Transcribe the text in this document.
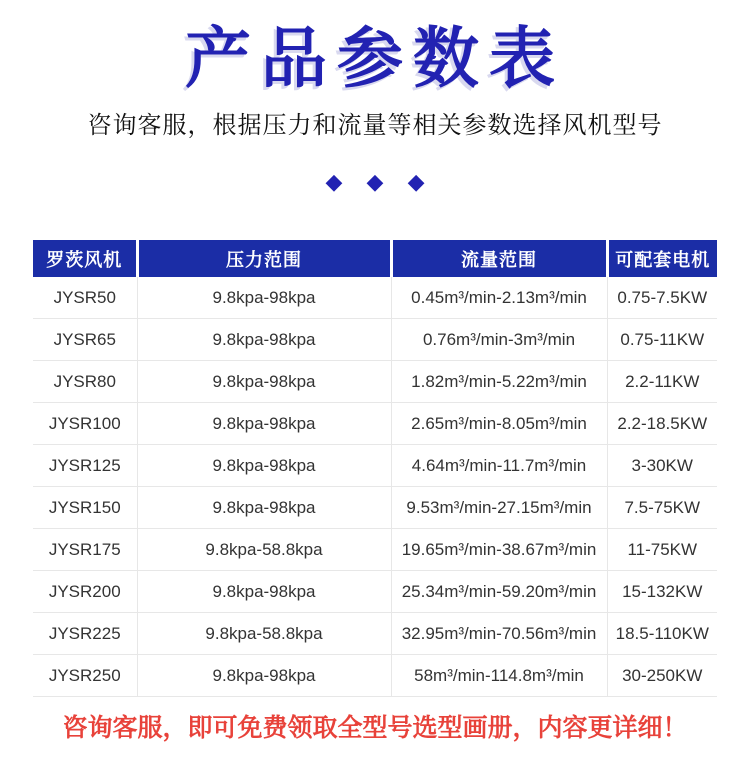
产品参数表
咨询客服，根据压力和流量等相关参数选择风机型号
◆ ◆ ◆
罗茨风机	压力范围	流量范围	可配套电机
JYSR50	9.8kpa-98kpa	0.45m³/min-2.13m³/min	0.75-7.5KW
JYSR65	9.8kpa-98kpa	0.76m³/min-3m³/min	0.75-11KW
JYSR80	9.8kpa-98kpa	1.82m³/min-5.22m³/min	2.2-11KW
JYSR100	9.8kpa-98kpa	2.65m³/min-8.05m³/min	2.2-18.5KW
JYSR125	9.8kpa-98kpa	4.64m³/min-11.7m³/min	3-30KW
JYSR150	9.8kpa-98kpa	9.53m³/min-27.15m³/min	7.5-75KW
JYSR175	9.8kpa-58.8kpa	19.65m³/min-38.67m³/min	11-75KW
JYSR200	9.8kpa-98kpa	25.34m³/min-59.20m³/min	15-132KW
JYSR225	9.8kpa-58.8kpa	32.95m³/min-70.56m³/min	18.5-110KW
JYSR250	9.8kpa-98kpa	58m³/min-114.8m³/min	30-250KW
咨询客服，即可免费领取全型号选型画册，内容更详细！
